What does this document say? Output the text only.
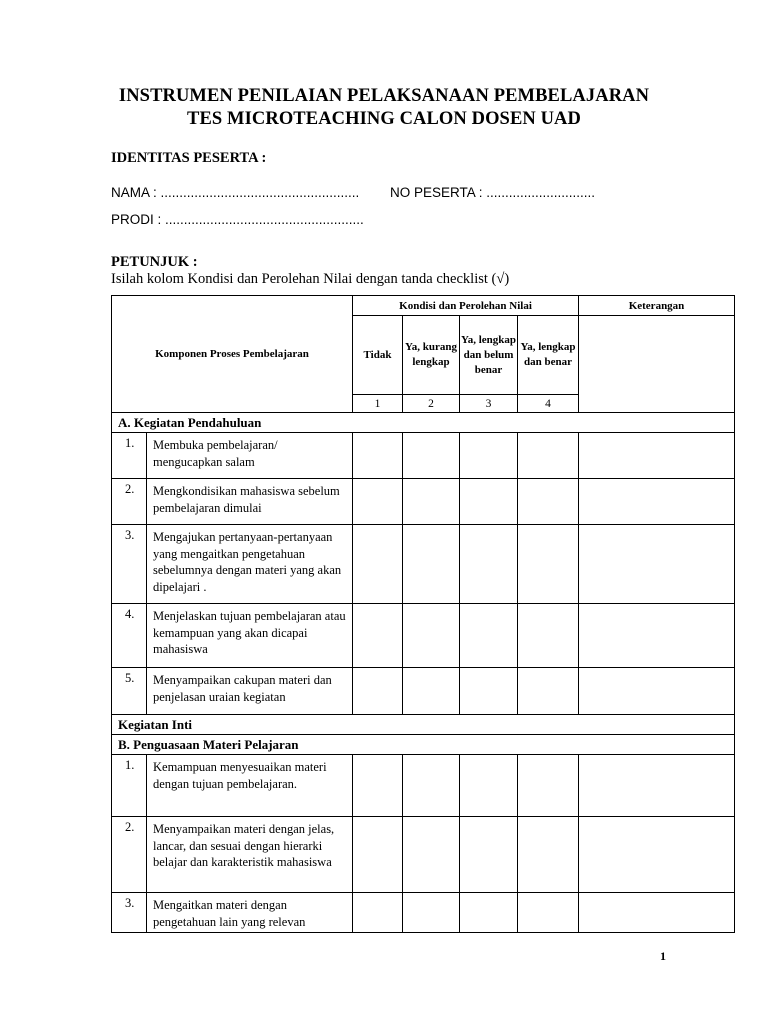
INSTRUMEN PENILAIAN PELAKSANAAN PEMBELAJARAN
TES MICROTEACHING CALON DOSEN UAD
IDENTITAS PESERTA :
NAMA : ..................................................... NO PESERTA : .............................
PRODI : .....................................................
PETUNJUK :
Isilah kolom Kondisi dan Perolehan Nilai dengan tanda checklist (√)
Komponen Proses Pembelajaran		Kondisi dan Perolehan Nilai				Keterangan
		Tidak	Ya, kurang lengkap	Ya, lengkap dan belum benar	Ya, lengkap dan benar	
		1	2	3	4	
A. Kegiatan Pendahuluan						
1.	Membuka pembelajaran/ mengucapkan salam					
2.	Mengkondisikan mahasiswa sebelum pembelajaran dimulai					
3.	Mengajukan pertanyaan-pertanyaan yang mengaitkan pengetahuan sebelumnya dengan materi yang akan dipelajari .					
4.	Menjelaskan tujuan pembelajaran atau kemampuan yang akan dicapai mahasiswa					
5.	Menyampaikan cakupan materi dan penjelasan uraian kegiatan					
Kegiatan Inti						
B. Penguasaan Materi Pelajaran						
1.	Kemampuan menyesuaikan materi dengan tujuan pembelajaran.					
2.	Menyampaikan materi dengan jelas, lancar, dan sesuai dengan hierarki belajar dan karakteristik mahasiswa					
3.	Mengaitkan materi dengan pengetahuan lain yang relevan					
1
